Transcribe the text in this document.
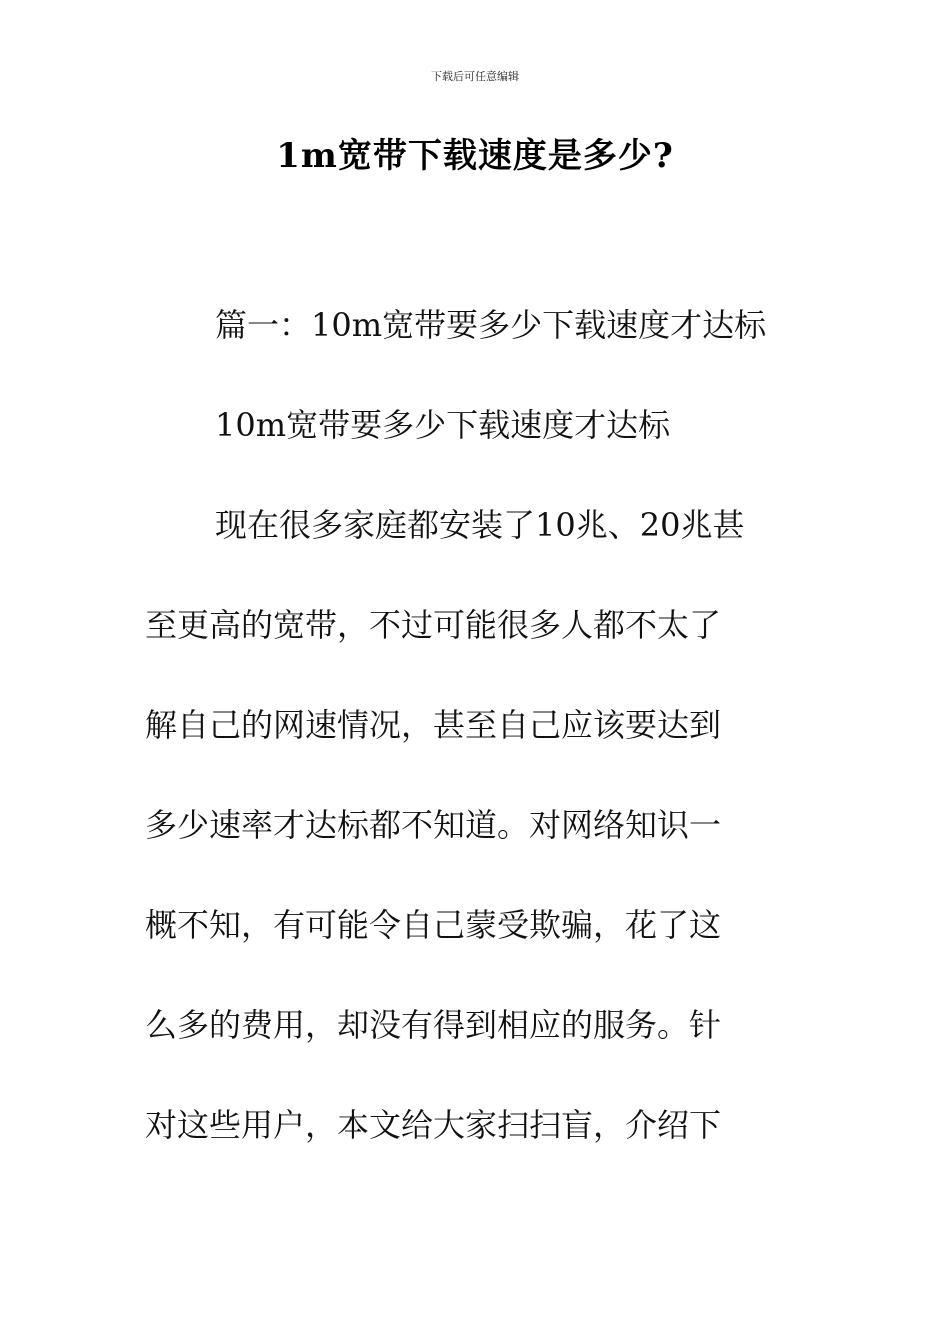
下载后可任意编辑
1m宽带下载速度是多少?
篇一：10m宽带要多少下载速度才达标
10m宽带要多少下载速度才达标
现在很多家庭都安装了10兆、20兆甚
至更高的宽带，不过可能很多人都不太了
解自己的网速情况，甚至自己应该要达到
多少速率才达标都不知道。对网络知识一
概不知，有可能令自己蒙受欺骗，花了这
么多的费用，却没有得到相应的服务。针
对这些用户，本文给大家扫扫盲，介绍下
